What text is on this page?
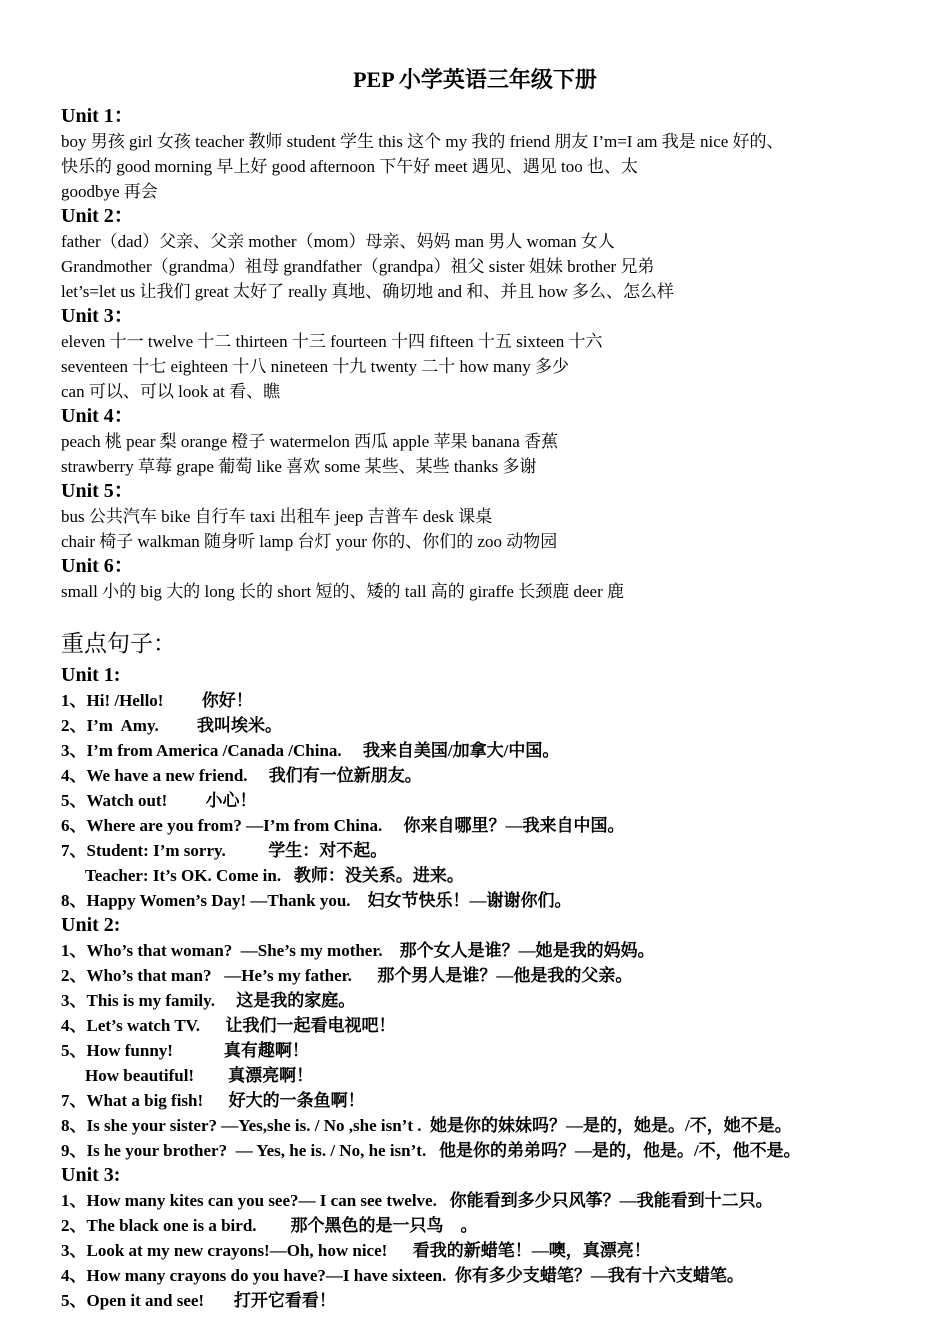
PEP 小学英语三年级下册
Unit 1：
boy 男孩 girl 女孩 teacher 教师 student 学生 this 这个 my 我的 friend 朋友 I’m=I am 我是 nice 好的、
快乐的 good morning 早上好 good afternoon 下午好 meet 遇见、遇见 too 也、太
goodbye 再会
Unit 2：
father（dad）父亲、父亲 mother（mom）母亲、妈妈 man 男人 woman 女人
Grandmother（grandma）祖母 grandfather（grandpa）祖父 sister 姐妹 brother 兄弟
let’s=let us 让我们 great 太好了 really 真地、确切地 and 和、并且 how 多么、怎么样
Unit 3：
eleven 十一 twelve 十二 thirteen 十三 fourteen 十四 fifteen 十五 sixteen 十六
seventeen 十七 eighteen 十八 nineteen 十九 twenty 二十 how many 多少
can 可以、可以 look at 看、瞧
Unit 4：
peach 桃 pear 梨 orange 橙子 watermelon 西瓜 apple 苹果 banana 香蕉
strawberry 草莓 grape 葡萄 like 喜欢 some 某些、某些 thanks 多谢
Unit 5：
bus 公共汽车 bike 自行车 taxi 出租车 jeep 吉普车 desk 课桌
chair 椅子 walkman 随身听 lamp 台灯 your 你的、你们的 zoo 动物园
Unit 6：
small 小的 big 大的 long 长的 short 短的、矮的 tall 高的 giraffe 长颈鹿 deer 鹿
重点句子：
Unit 1:
1、Hi! /Hello!         你好！
2、I’m  Amy.         我叫埃米。
3、I’m from America /Canada /China.     我来自美国/加拿大/中国。
4、We have a new friend.     我们有一位新朋友。
5、Watch out!         小心！
6、Where are you from? —I’m from China.     你来自哪里？—我来自中国。
7、Student: I’m sorry.          学生：对不起。
Teacher: It’s OK. Come in.   教师：没关系。进来。
8、Happy Women’s Day! —Thank you.    妇女节快乐！—谢谢你们。
Unit 2:
1、Who’s that woman?  —She’s my mother.    那个女人是谁？—她是我的妈妈。
2、Who’s that man?   —He’s my father.      那个男人是谁？—他是我的父亲。
3、This is my family.     这是我的家庭。
4、Let’s watch TV.      让我们一起看电视吧！
5、How funny!            真有趣啊！
How beautiful!        真漂亮啊！
7、What a big fish!      好大的一条鱼啊！
8、Is she your sister? —Yes,she is. / No ,she isn’t .  她是你的妹妹吗？—是的，她是。/不，她不是。
9、Is he your brother?  — Yes, he is. / No, he isn’t.   他是你的弟弟吗？—是的，他是。/不，他不是。
Unit 3:
1、How many kites can you see?— I can see twelve.   你能看到多少只风筝？—我能看到十二只。
2、The black one is a bird.        那个黑色的是一只鸟    。
3、Look at my new crayons!—Oh, how nice!      看我的新蜡笔！—噢，真漂亮！
4、How many crayons do you have?—I have sixteen.  你有多少支蜡笔？—我有十六支蜡笔。
5、Open it and see!       打开它看看！
